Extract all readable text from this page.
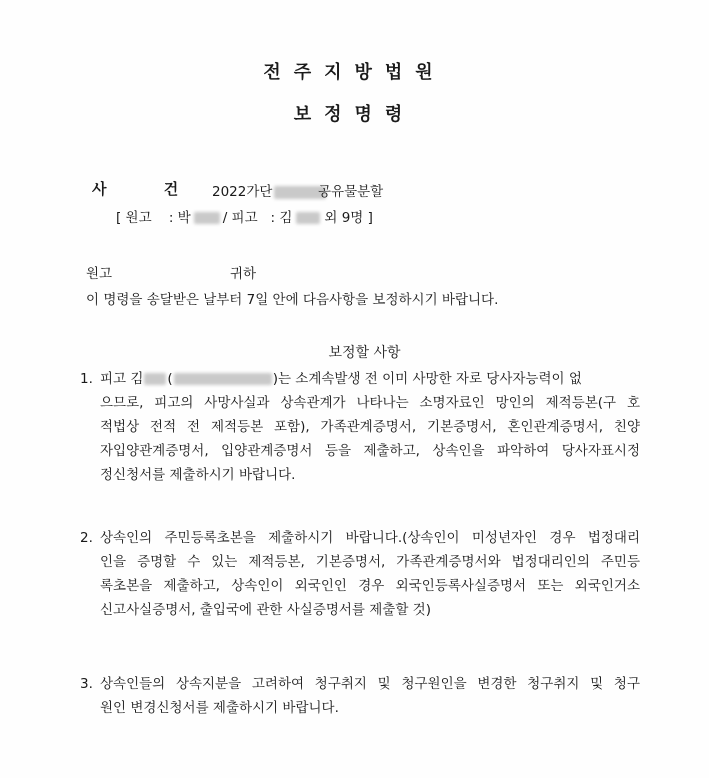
전주지방법원
보정명령
사 건 2022가단	공유물분할
[ 원고 : 박 / 피고 : 김 외 9명 ]
원고	귀하
이 명령을 송달받은 날부터 7일 안에 다음사항을 보정하시기 바랍니다.
보정할 사항
1. 피고 김 (	)는 소계속발생 전 이미 사망한 자로 당사자능력이 없
으므로, 피고의 사망사실과 상속관계가 나타나는 소명자료인 망인의 제적등본(구 호
적법상 전적 전 제적등본 포함), 가족관계증명서, 기본증명서, 혼인관계증명서, 친양
자입양관계증명서, 입양관계증명서 등을 제출하고, 상속인을 파악하여 당사자표시정
정신청서를 제출하시기 바랍니다.
2. 상속인의 주민등록초본을 제출하시기 바랍니다.(상속인이 미성년자인 경우 법정대리
인을 증명할 수 있는 제적등본, 기본증명서, 가족관계증명서와 법정대리인의 주민등
록초본을 제출하고, 상속인이 외국인인 경우 외국인등록사실증명서 또는 외국인거소
신고사실증명서, 출입국에 관한 사실증명서를 제출할 것)
3. 상속인들의 상속지분을 고려하여 청구취지 및 청구원인을 변경한 청구취지 및 청구
원인 변경신청서를 제출하시기 바랍니다.
